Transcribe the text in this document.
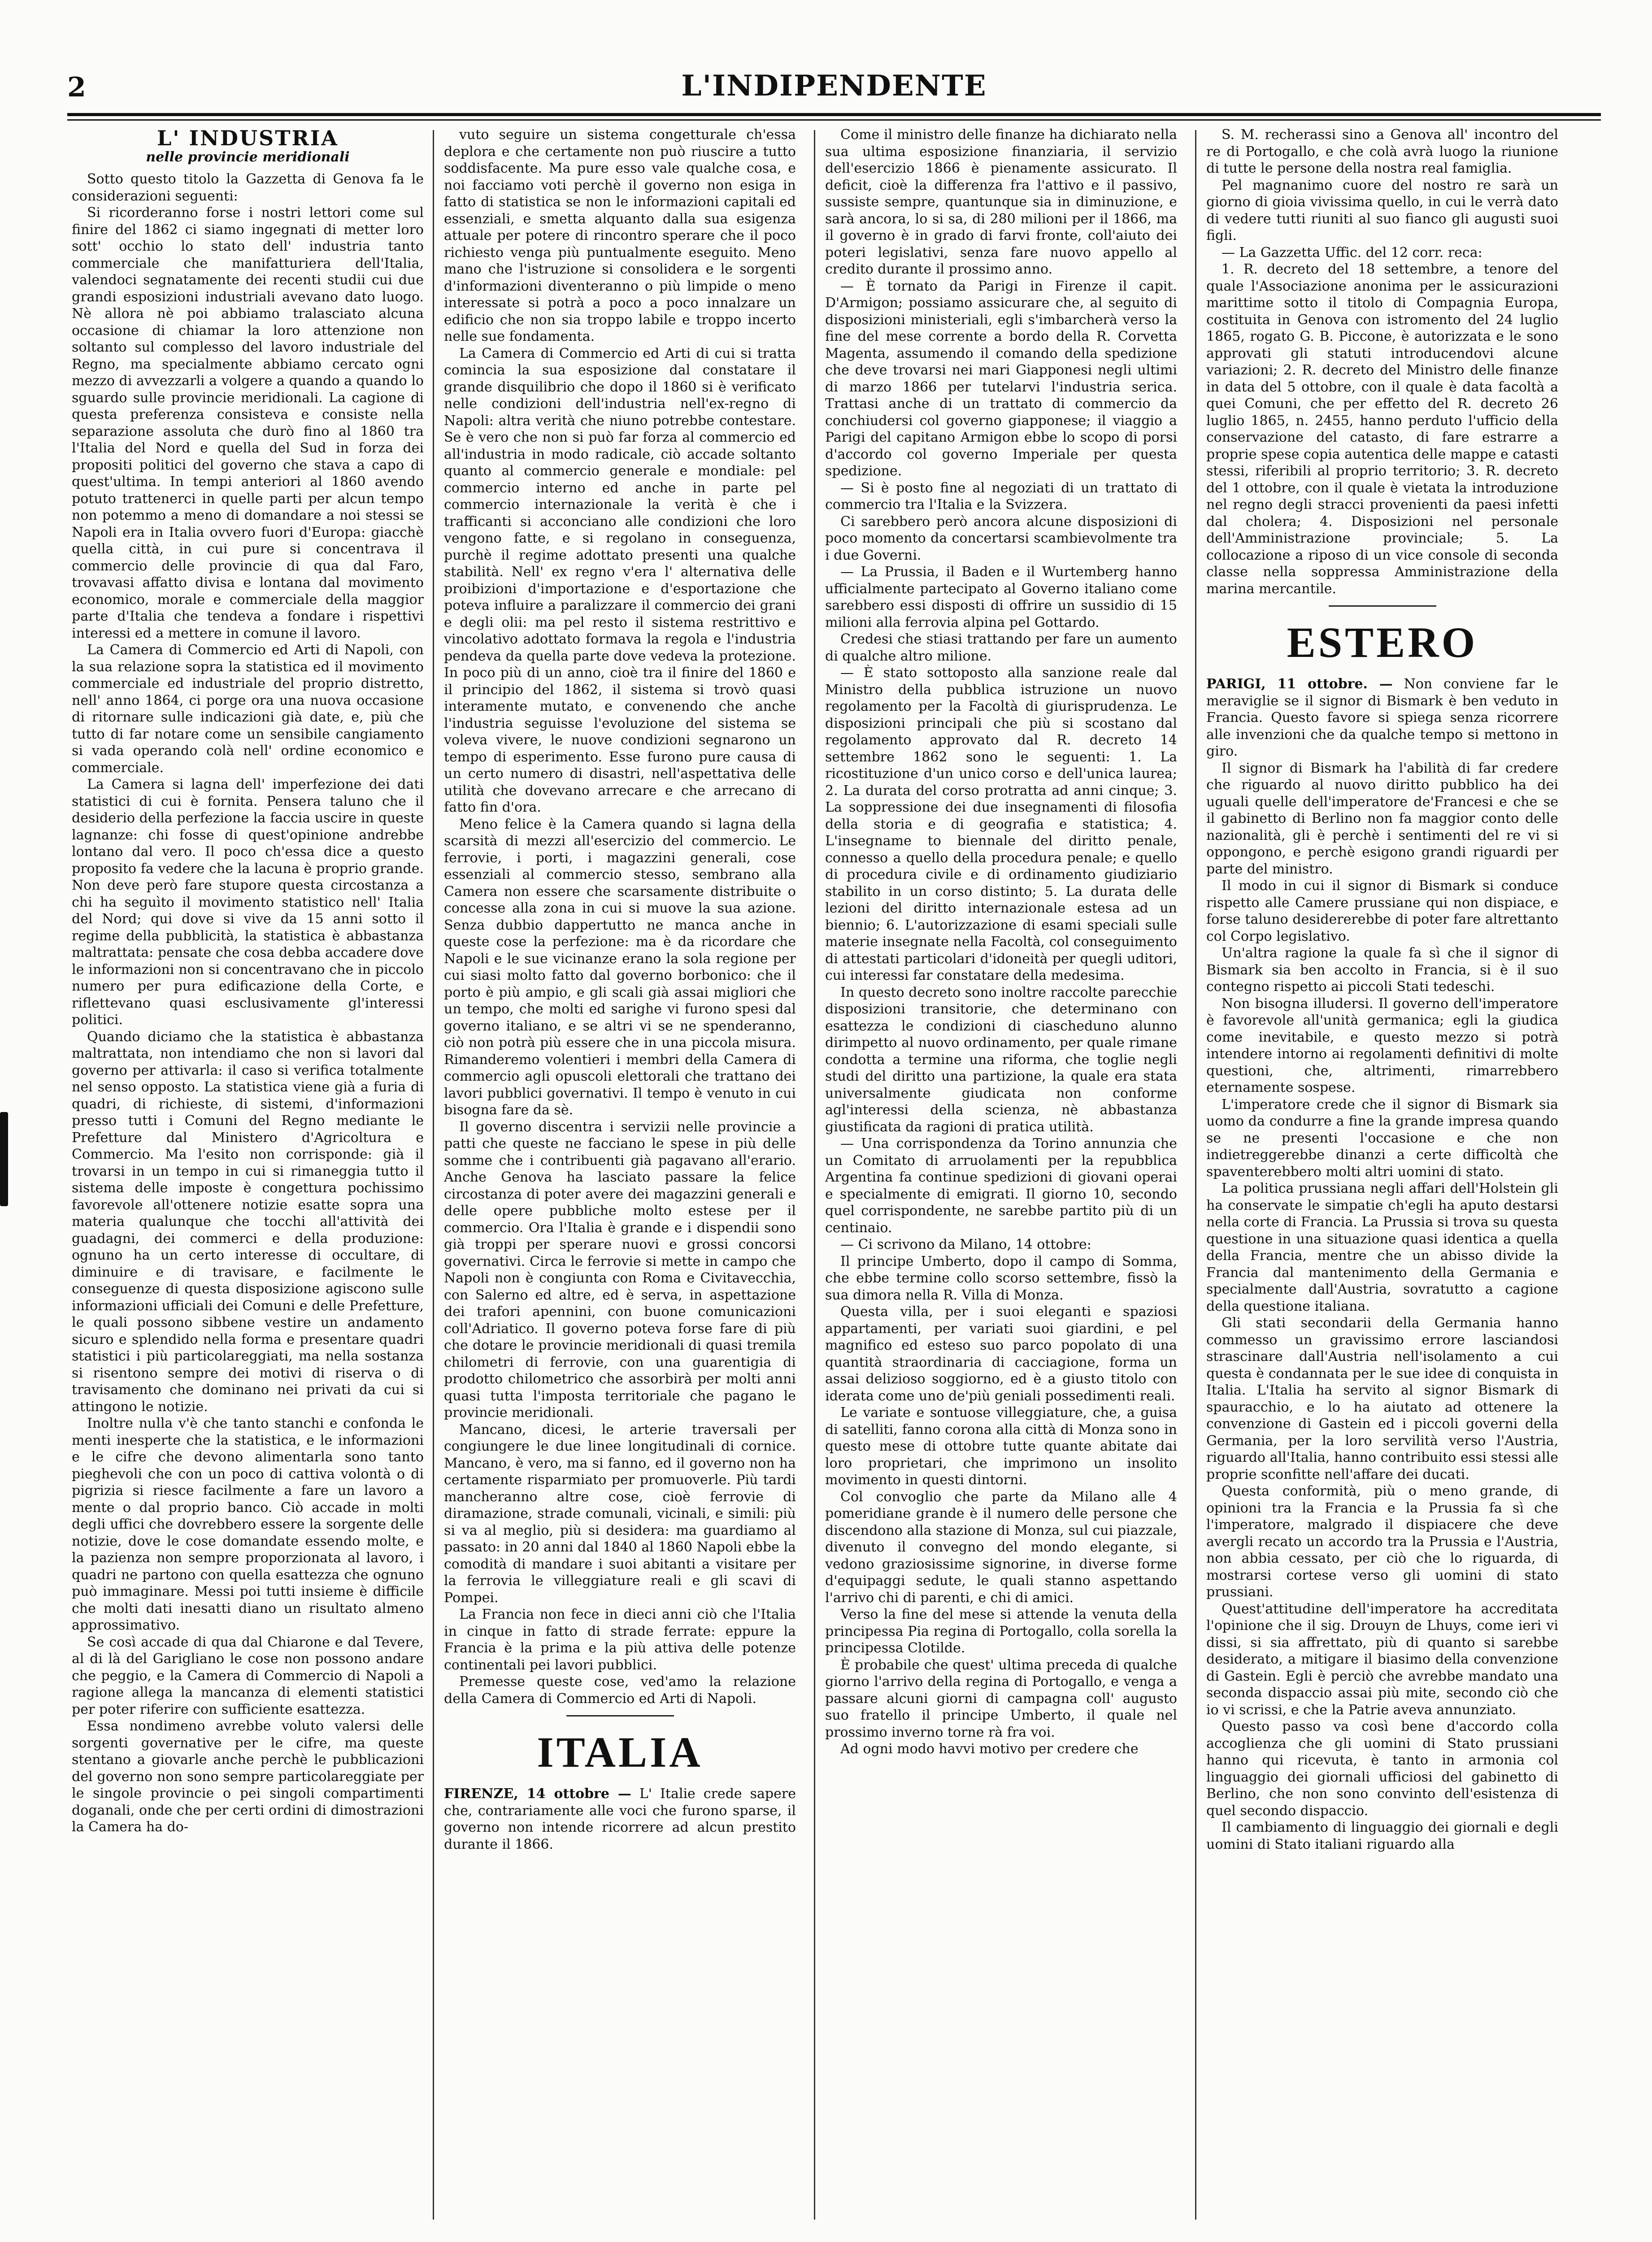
2	L'INDIPENDENTE
L' INDUSTRIA
nelle provincie meridionali

Sotto questo titolo la Gazzetta di Genova fa le considerazioni seguenti:

Si ricorderanno forse i nostri lettori come sul finire del 1862 ci siamo ingegnati di metter loro sott' occhio lo stato dell' industria tanto commerciale che manifatturiera dell'Italia, valendoci segnatamente dei recenti studii cui due grandi esposizioni industriali avevano dato luogo. Nè allora nè poi abbiamo tralasciato alcuna occasione di chiamar la loro attenzione non soltanto sul complesso del lavoro industriale del Regno, ma specialmente abbiamo cercato ogni mezzo di avvezzarli a volgere a quando a quando lo sguardo sulle provincie meridionali. La cagione di questa preferenza consisteva e consiste nella separazione assoluta che durò fino al 1860 tra l'Italia del Nord e quella del Sud in forza dei propositi politici del governo che stava a capo di quest'ultima. In tempi anteriori al 1860 avendo potuto trattenerci in quelle parti per alcun tempo non potemmo a meno di domandare a noi stessi se Napoli era in Italia ovvero fuori d'Europa: giacchè quella città, in cui pure si concentrava il commercio delle provincie di qua dal Faro, trovavasi affatto divisa e lontana dal movimento economico, morale e commerciale della maggior parte d'Italia che tendeva a fondare i rispettivi interessi ed a mettere in comune il lavoro.

La Camera di Commercio ed Arti di Napoli, con la sua relazione sopra la statistica ed il movimento commerciale ed industriale del proprio distretto, nell' anno 1864, ci porge ora una nuova occasione di ritornare sulle indicazioni già date, e, più che tutto di far notare come un sensibile cangiamento si vada operando colà nell' ordine economico e commerciale.

La Camera si lagna dell' imperfezione dei dati statistici di cui è fornita. Pensera taluno che il desiderio della perfezione la faccia uscire in queste lagnanze: chi fosse di quest'opinione andrebbe lontano dal vero. Il poco ch'essa dice a questo proposito fa vedere che la lacuna è proprio grande. Non deve però fare stupore questa circostanza a chi ha seguìto il movimento statistico nell' Italia del Nord; qui dove si vive da 15 anni sotto il regime della pubblicità, la statistica è abbastanza maltrattata: pensate che cosa debba accadere dove le informazioni non si concentravano che in piccolo numero per pura edificazione della Corte, e riflettevano quasi esclusivamente gl'interessi politici.

Quando diciamo che la statistica è abbastanza maltrattata, non intendiamo che non si lavori dal governo per attivarla: il caso si verifica totalmente nel senso opposto. La statistica viene già a furia di quadri, di richieste, di sistemi, d'informazioni presso tutti i Comuni del Regno mediante le Prefetture dal Ministero d'Agricoltura e Commercio. Ma l'esito non corrisponde: già il trovarsi in un tempo in cui si rimaneggia tutto il sistema delle imposte è congettura pochissimo favorevole all'ottenere notizie esatte sopra una materia qualunque che tocchi all'attività dei guadagni, dei commerci e della produzione: ognuno ha un certo interesse di occultare, di diminuire e di travisare, e facilmente le conseguenze di questa disposizione agiscono sulle informazioni ufficiali dei Comuni e delle Prefetture, le quali possono sibbene vestire un andamento sicuro e splendido nella forma e presentare quadri statistici i più particolareggiati, ma nella sostanza si risentono sempre dei motivi di riserva o di travisamento che dominano nei privati da cui si attingono le notizie.

Inoltre nulla v'è che tanto stanchi e confonda le menti inesperte che la statistica, e le informazioni e le cifre che devono alimentarla sono tanto pieghevoli che con un poco di cattiva volontà o di pigrizia si riesce facilmente a fare un lavoro a mente o dal proprio banco. Ciò accade in molti degli uffici che dovrebbero essere la sorgente delle notizie, dove le cose domandate essendo molte, e la pazienza non sempre proporzionata al lavoro, i quadri ne partono con quella esattezza che ognuno può immaginare. Messi poi tutti insieme è difficile che molti dati inesatti diano un risultato almeno approssimativo.

Se così accade di qua dal Chiarone e dal Tevere, al di là del Garigliano le cose non possono andare che peggio, e la Camera di Commercio di Napoli a ragione allega la mancanza di elementi statistici per poter riferire con sufficiente esattezza.

Essa nondimeno avrebbe voluto valersi delle sorgenti governative per le cifre, ma queste stentano a giovarle anche perchè le pubblicazioni del governo non sono sempre particolareggiate per le singole provincie o pei singoli compartimenti doganali, onde che per certi ordini di dimostrazioni la Camera ha do-

vuto seguire un sistema congetturale ch'essa deplora e che certamente non può riuscire a tutto soddisfacente. Ma pure esso vale qualche cosa, e noi facciamo voti perchè il governo non esiga in fatto di statistica se non le informazioni capitali ed essenziali, e smetta alquanto dalla sua esigenza attuale per potere di rincontro sperare che il poco richiesto venga più puntualmente eseguito. Meno mano che l'istruzione si consolidera e le sorgenti d'informazioni diventeranno o più limpide o meno interessate si potrà a poco a poco innalzare un edificio che non sia troppo labile e troppo incerto nelle sue fondamenta.

La Camera di Commercio ed Arti di cui si tratta comincia la sua esposizione dal constatare il grande disquilibrio che dopo il 1860 si è verificato nelle condizioni dell'industria nell'ex-regno di Napoli: altra verità che niuno potrebbe contestare. Se è vero che non si può far forza al commercio ed all'industria in modo radicale, ciò accade soltanto quanto al commercio generale e mondiale: pel commercio interno ed anche in parte pel commercio internazionale la verità è che i trafficanti si acconciano alle condizioni che loro vengono fatte, e si regolano in conseguenza, purchè il regime adottato presenti una qualche stabilità. Nell' ex regno v'era l' alternativa delle proibizioni d'importazione e d'esportazione che poteva influire a paralizzare il commercio dei grani e degli olii: ma pel resto il sistema restrittivo e vincolativo adottato formava la regola e l'industria pendeva da quella parte dove vedeva la protezione. In poco più di un anno, cioè tra il finire del 1860 e il principio del 1862, il sistema si trovò quasi interamente mutato, e convenendo che anche l'industria seguisse l'evoluzione del sistema se voleva vivere, le nuove condizioni segnarono un tempo di esperimento. Esse furono pure causa di un certo numero di disastri, nell'aspettativa delle utilità che dovevano arrecare e che arrecano di fatto fin d'ora.

Meno felice è la Camera quando si lagna della scarsità di mezzi all'esercizio del commercio. Le ferrovie, i porti, i magazzini generali, cose essenziali al commercio stesso, sembrano alla Camera non essere che scarsamente distribuite o concesse alla zona in cui si muove la sua azione. Senza dubbio dappertutto ne manca anche in queste cose la perfezione: ma è da ricordare che Napoli e le sue vicinanze erano la sola regione per cui siasi molto fatto dal governo borbonico: che il porto è più ampio, e gli scali già assai migliori che un tempo, che molti ed sarighe vi furono spesi dal governo italiano, e se altri vi se ne spenderanno, ciò non potrà più essere che in una piccola misura. Rimanderemo volentieri i membri della Camera di commercio agli opuscoli elettorali che trattano dei lavori pubblici governativi. Il tempo è venuto in cui bisogna fare da sè.

Il governo discentra i servizii nelle provincie a patti che queste ne facciano le spese in più delle somme che i contribuenti già pagavano all'erario. Anche Genova ha lasciato passare la felice circostanza di poter avere dei magazzini generali e delle opere pubbliche molto estese per il commercio. Ora l'Italia è grande e i dispendii sono già troppi per sperare nuovi e grossi concorsi governativi. Circa le ferrovie si mette in campo che Napoli non è congiunta con Roma e Civitavecchia, con Salerno ed altre, ed è serva, in aspettazione dei trafori apennini, con buone comunicazioni coll'Adriatico. Il governo poteva forse fare di più che dotare le provincie meridionali di quasi tremila chilometri di ferrovie, con una guarentigia di prodotto chilometrico che assorbirà per molti anni quasi tutta l'imposta territoriale che pagano le provincie meridionali.

Mancano, dicesi, le arterie traversali per congiungere le due linee longitudinali di cornice. Mancano, è vero, ma si fanno, ed il governo non ha certamente risparmiato per promuoverle. Più tardi mancheranno altre cose, cioè ferrovie di diramazione, strade comunali, vicinali, e simili: più si va al meglio, più si desidera: ma guardiamo al passato: in 20 anni dal 1840 al 1860 Napoli ebbe la comodità di mandare i suoi abitanti a visitare per la ferrovia le villeggiature reali e gli scavi di Pompei.

La Francia non fece in dieci anni ciò che l'Italia in cinque in fatto di strade ferrate: eppure la Francia è la prima e la più attiva delle potenze continentali pei lavori pubblici.

Premesse queste cose, ved'amo la relazione della Camera di Commercio ed Arti di Napoli.

ITALIA

FIRENZE, 14 ottobre — L' Italie crede sapere che, contrariamente alle voci che furono sparse, il governo non intende ricorrere ad alcun prestito durante il 1866.

Come il ministro delle finanze ha dichiarato nella sua ultima esposizione finanziaria, il servizio dell'esercizio 1866 è pienamente assicurato. Il deficit, cioè la differenza fra l'attivo e il passivo, sussiste sempre, quantunque sia in diminuzione, e sarà ancora, lo si sa, di 280 milioni per il 1866, ma il governo è in grado di farvi fronte, coll'aiuto dei poteri legislativi, senza fare nuovo appello al credito durante il prossimo anno.

— È tornato da Parigi in Firenze il capit. D'Armigon; possiamo assicurare che, al seguito di disposizioni ministeriali, egli s'imbarcherà verso la fine del mese corrente a bordo della R. Corvetta Magenta, assumendo il comando della spedizione che deve trovarsi nei mari Giapponesi negli ultimi di marzo 1866 per tutelarvi l'industria serica. Trattasi anche di un trattato di commercio da conchiudersi col governo giapponese; il viaggio a Parigi del capitano Armigon ebbe lo scopo di porsi d'accordo col governo Imperiale per questa spedizione.

— Si è posto fine al negoziati di un trattato di commercio tra l'Italia e la Svizzera.

Ci sarebbero però ancora alcune disposizioni di poco momento da concertarsi scambievolmente tra i due Governi.

— La Prussia, il Baden e il Wurtemberg hanno ufficialmente partecipato al Governo italiano come sarebbero essi disposti di offrire un sussidio di 15 milioni alla ferrovia alpina pel Gottardo.

Credesi che stiasi trattando per fare un aumento di qualche altro milione.

— È stato sottoposto alla sanzione reale dal Ministro della pubblica istruzione un nuovo regolamento per la Facoltà di giurisprudenza. Le disposizioni principali che più si scostano dal regolamento approvato dal R. decreto 14 settembre 1862 sono le seguenti: 1. La ricostituzione d'un unico corso e dell'unica laurea; 2. La durata del corso protratta ad anni cinque; 3. La soppressione dei due insegnamenti di filosofia della storia e di geografia e statistica; 4. L'insegname to biennale del diritto penale, connesso a quello della procedura penale; e quello di procedura civile e di ordinamento giudiziario stabilito in un corso distinto; 5. La durata delle lezioni del diritto internazionale estesa ad un biennio; 6. L'autorizzazione di esami speciali sulle materie insegnate nella Facoltà, col conseguimento di attestati particolari d'idoneità per quegli uditori, cui interessi far constatare della medesima.

In questo decreto sono inoltre raccolte parecchie disposizioni transitorie, che determinano con esattezza le condizioni di ciascheduno alunno dirimpetto al nuovo ordinamento, per quale rimane condotta a termine una riforma, che toglie negli studi del diritto una partizione, la quale era stata universalmente giudicata non conforme agl'interessi della scienza, nè abbastanza giustificata da ragioni di pratica utilità.

— Una corrispondenza da Torino annunzia che un Comitato di arruolamenti per la repubblica Argentina fa continue spedizioni di giovani operai e specialmente di emigrati. Il giorno 10, secondo quel corrispondente, ne sarebbe partito più di un centinaio.

— Ci scrivono da Milano, 14 ottobre:

Il principe Umberto, dopo il campo di Somma, che ebbe termine collo scorso settembre, fissò la sua dimora nella R. Villa di Monza.

Questa villa, per i suoi eleganti e spaziosi appartamenti, per variati suoi giardini, e pel magnifico ed esteso suo parco popolato di una quantità straordinaria di cacciagione, forma un assai delizioso soggiorno, ed è a giusto titolo con iderata come uno de'più geniali possedimenti reali.

Le variate e sontuose villeggiature, che, a guisa di satelliti, fanno corona alla città di Monza sono in questo mese di ottobre tutte quante abitate dai loro proprietari, che imprimono un insolito movimento in questi dintorni.

Col convoglio che parte da Milano alle 4 pomeridiane grande è il numero delle persone che discendono alla stazione di Monza, sul cui piazzale, divenuto il convegno del mondo elegante, si vedono graziosissime signorine, in diverse forme d'equipaggi sedute, le quali stanno aspettando l'arrivo chi di parenti, e chi di amici.

Verso la fine del mese si attende la venuta della principessa Pia regina di Portogallo, colla sorella la principessa Clotilde.

È probabile che quest' ultima preceda di qualche giorno l'arrivo della regina di Portogallo, e venga a passare alcuni giorni di campagna coll' augusto suo fratello il principe Umberto, il quale nel prossimo inverno torne rà fra voi.

Ad ogni modo havvi motivo per credere che

S. M. recherassi sino a Genova all' incontro del re di Portogallo, e che colà avrà luogo la riunione di tutte le persone della nostra real famiglia.

Pel magnanimo cuore del nostro re sarà un giorno di gioia vivissima quello, in cui le verrà dato di vedere tutti riuniti al suo fianco gli augusti suoi figli.

— La Gazzetta Uffic. del 12 corr. reca:

1. R. decreto del 18 settembre, a tenore del quale l'Associazione anonima per le assicurazioni marittime sotto il titolo di Compagnia Europa, costituita in Genova con istromento del 24 luglio 1865, rogato G. B. Piccone, è autorizzata e le sono approvati gli statuti introducendovi alcune variazioni; 2. R. decreto del Ministro delle finanze in data del 5 ottobre, con il quale è data facoltà a quei Comuni, che per effetto del R. decreto 26 luglio 1865, n. 2455, hanno perduto l'ufficio della conservazione del catasto, di fare estrarre a proprie spese copia autentica delle mappe e catasti stessi, riferibili al proprio territorio; 3. R. decreto del 1 ottobre, con il quale è vietata la introduzione nel regno degli stracci provenienti da paesi infetti dal cholera; 4. Disposizioni nel personale dell'Amministrazione provinciale; 5. La collocazione a riposo di un vice console di seconda classe nella soppressa Amministrazione della marina mercantile.

ESTERO

PARIGI, 11 ottobre. — Non conviene far le meraviglie se il signor di Bismark è ben veduto in Francia. Questo favore si spiega senza ricorrere alle invenzioni che da qualche tempo si mettono in giro.

Il signor di Bismark ha l'abilità di far credere che riguardo al nuovo diritto pubblico ha dei uguali quelle dell'imperatore de'Francesi e che se il gabinetto di Berlino non fa maggior conto delle nazionalità, gli è perchè i sentimenti del re vi si oppongono, e perchè esigono grandi riguardi per parte del ministro.

Il modo in cui il signor di Bismark si conduce rispetto alle Camere prussiane qui non dispiace, e forse taluno desidererebbe di poter fare altrettanto col Corpo legislativo.

Un'altra ragione la quale fa sì che il signor di Bismark sia ben accolto in Francia, si è il suo contegno rispetto ai piccoli Stati tedeschi.

Non bisogna illudersi. Il governo dell'imperatore è favorevole all'unità germanica; egli la giudica come inevitabile, e questo mezzo si potrà intendere intorno ai regolamenti definitivi di molte questioni, che, altrimenti, rimarrebbero eternamente sospese.

L'imperatore crede che il signor di Bismark sia uomo da condurre a fine la grande impresa quando se ne presenti l'occasione e che non indietreggerebbe dinanzi a certe difficoltà che spaventerebbero molti altri uomini di stato.

La politica prussiana negli affari dell'Holstein gli ha conservate le simpatie ch'egli ha aputo destarsi nella corte di Francia. La Prussia si trova su questa questione in una situazione quasi identica a quella della Francia, mentre che un abisso divide la Francia dal mantenimento della Germania e specialmente dall'Austria, sovratutto a cagione della questione italiana.

Gli stati secondarii della Germania hanno commesso un gravissimo errore lasciandosi strascinare dall'Austria nell'isolamento a cui questa è condannata per le sue idee di conquista in Italia. L'Italia ha servito al signor Bismark di spauracchio, e lo ha aiutato ad ottenere la convenzione di Gastein ed i piccoli governi della Germania, per la loro servilità verso l'Austria, riguardo all'Italia, hanno contribuito essi stessi alle proprie sconfitte nell'affare dei ducati.

Questa conformità, più o meno grande, di opinioni tra la Francia e la Prussia fa sì che l'imperatore, malgrado il dispiacere che deve avergli recato un accordo tra la Prussia e l'Austria, non abbia cessato, per ciò che lo riguarda, di mostrarsi cortese verso gli uomini di stato prussiani.

Quest'attitudine dell'imperatore ha accreditata l'opinione che il sig. Drouyn de Lhuys, come ieri vi dissi, si sia affrettato, più di quanto si sarebbe desiderato, a mitigare il biasimo della convenzione di Gastein. Egli è perciò che avrebbe mandato una seconda dispaccio assai più mite, secondo ciò che io vi scrissi, e che la Patrie aveva annunziato.

Questo passo va così bene d'accordo colla accoglienza che gli uomini di Stato prussiani hanno qui ricevuta, è tanto in armonia col linguaggio dei giornali ufficiosi del gabinetto di Berlino, che non sono convinto dell'esistenza di quel secondo dispaccio.

Il cambiamento di linguaggio dei giornali e degli uomini di Stato italiani riguardo alla
